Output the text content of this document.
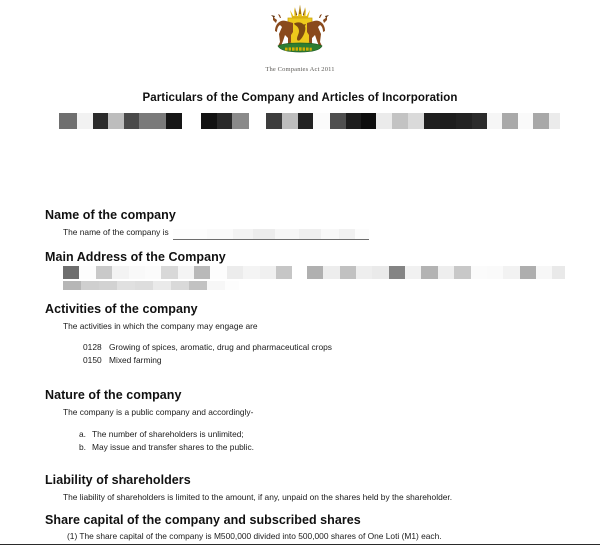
The Companies Act 2011
Particulars of the Company and Articles of Incorporation
Name of the company
The name of the company is
Main Address of the Company
Activities of the company
The activities in which the company may engage are
0128 Growing of spices, aromatic, drug and pharmaceutical crops
0150 Mixed farming
Nature of the company
The company is a public company and accordingly-
a. The number of shareholders is unlimited;
b. May issue and transfer shares to the public.
Liability of shareholders
The liability of shareholders is limited to the amount, if any, unpaid on the shares held by the shareholder.
Share capital of the company and subscribed shares
(1) The share capital of the company is M500,000 divided into 500,000 shares of One Loti (M1) each.
